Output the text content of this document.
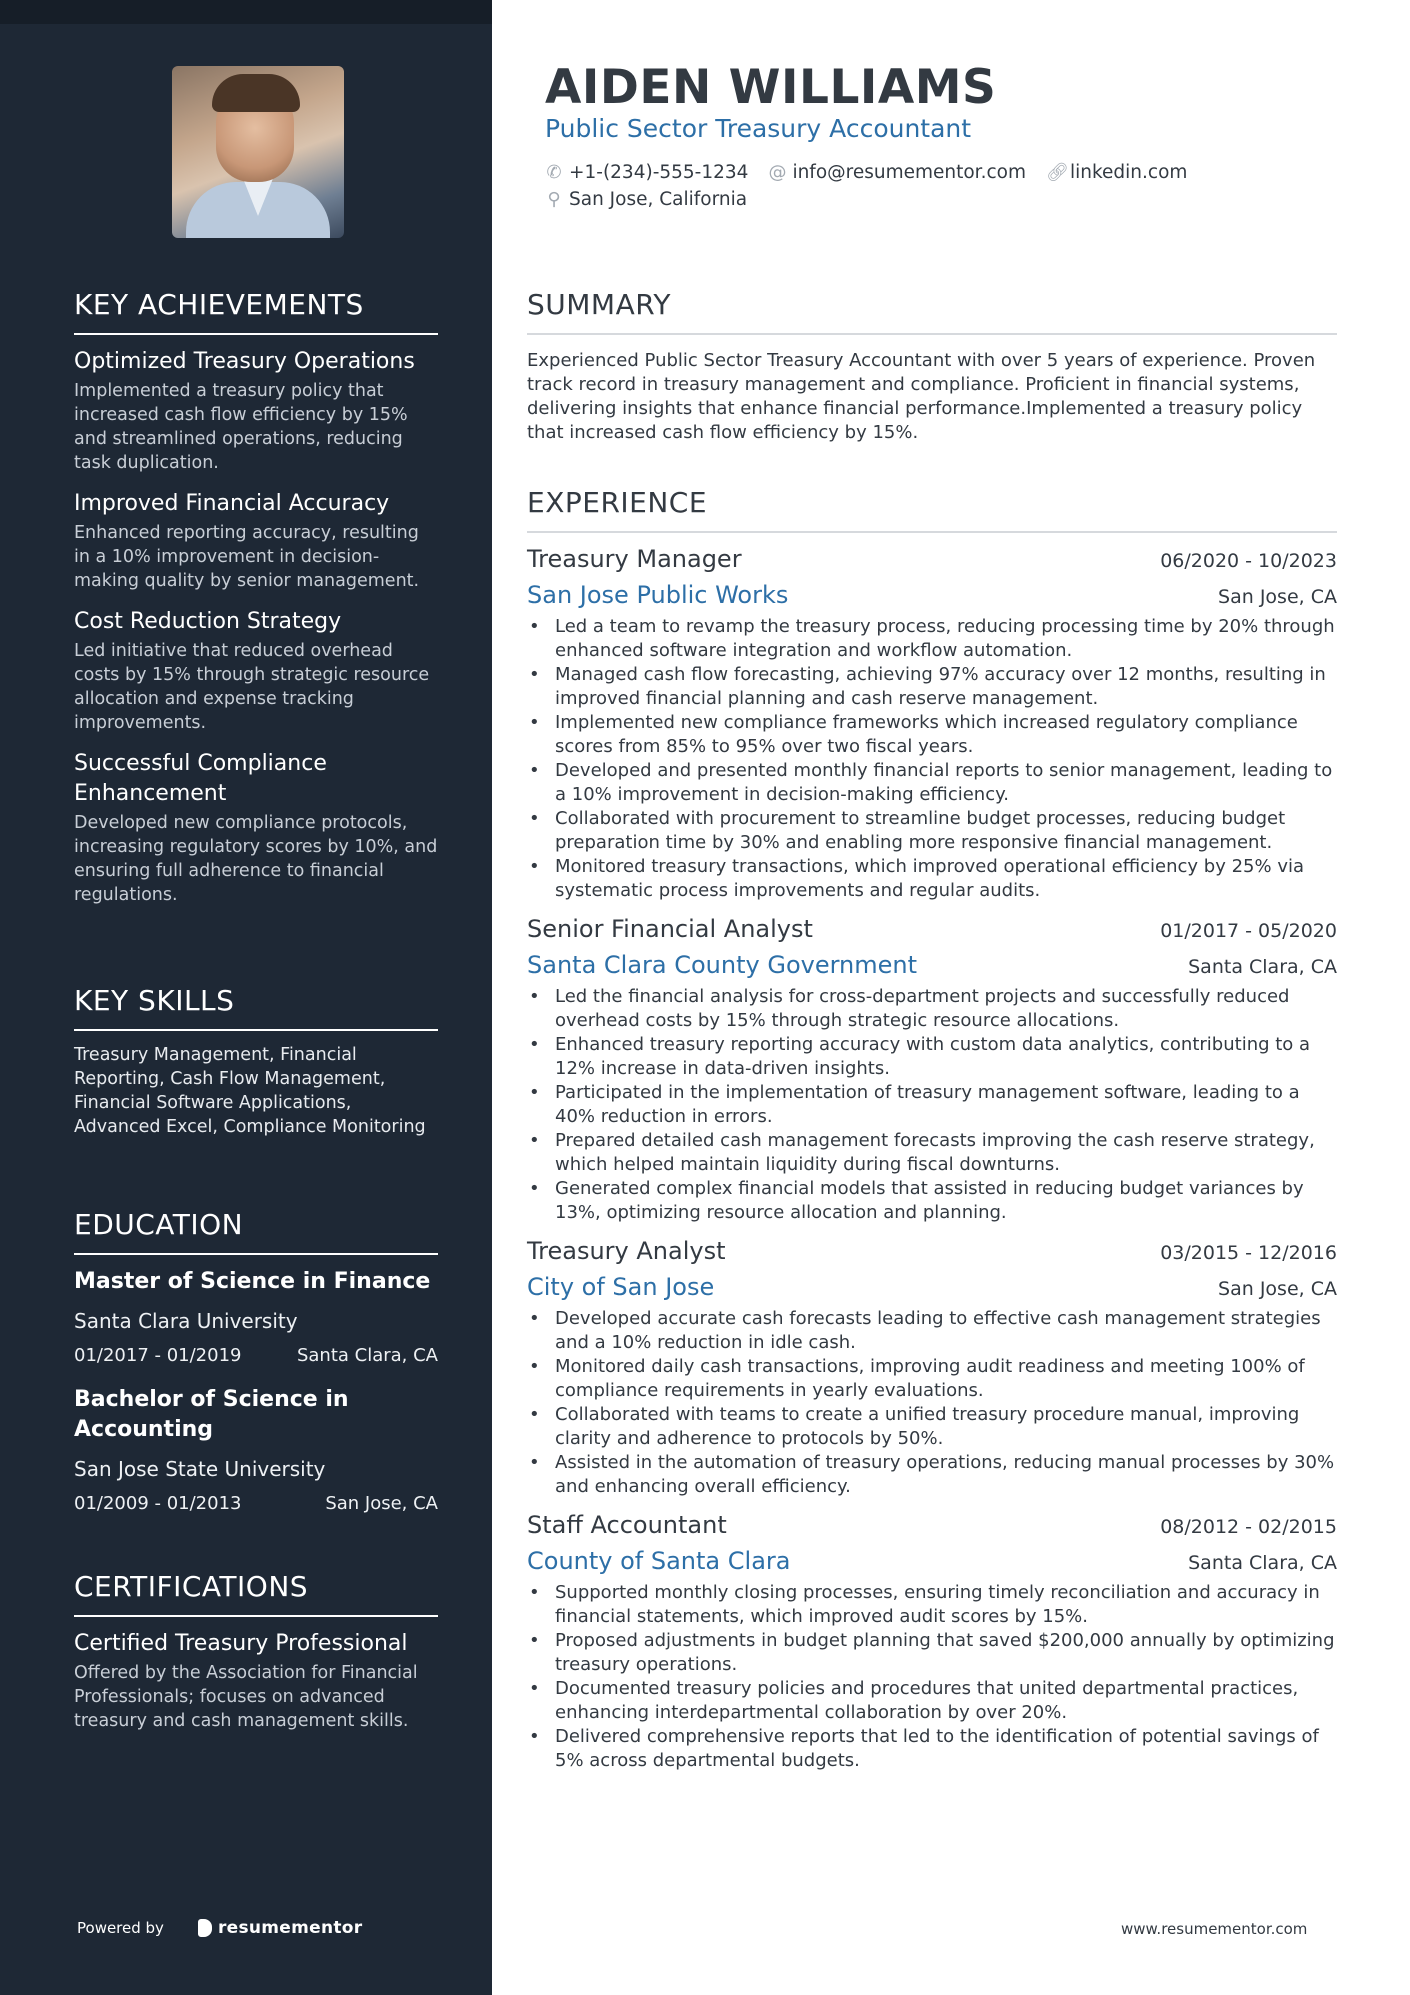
KEY ACHIEVEMENTS

Optimized Treasury Operations

Implemented a treasury policy that increased cash flow efficiency by 15% and streamlined operations, reducing task duplication.

Improved Financial Accuracy

Enhanced reporting accuracy, resulting in a 10% improvement in decision-making quality by senior management.

Cost Reduction Strategy

Led initiative that reduced overhead costs by 15% through strategic resource allocation and expense tracking improvements.

Successful Compliance Enhancement

Developed new compliance protocols, increasing regulatory scores by 10%, and ensuring full adherence to financial regulations.

KEY SKILLS
Treasury Management, Financial Reporting, Cash Flow Management, Financial Software Applications, Advanced Excel, Compliance Monitoring
EDUCATION

Master of Science in Finance

Santa Clara University

01/2017 - 01/2019	Santa Clara, CA

Bachelor of Science in Accounting

San Jose State University

01/2009 - 01/2013	San Jose, CA
CERTIFICATIONS

Certified Treasury Professional

Offered by the Association for Financial Professionals; focuses on advanced treasury and cash management skills.

Powered by	resumementor
AIDEN WILLIAMS

Public Sector Treasury Accountant

✆ +1-(234)-555-1234 @ info@resumementor.com 🔗︎ linkedin.com
⚲ San Jose, California
SUMMARY

Experienced Public Sector Treasury Accountant with over 5 years of experience. Proven track record in treasury management and compliance. Proficient in financial systems, delivering insights that enhance financial performance.Implemented a treasury policy that increased cash flow efficiency by 15%.

EXPERIENCE
Treasury Manager	06/2020 - 10/2023
San Jose Public Works	San Jose, CA
• Led a team to revamp the treasury process, reducing processing time by 20% through enhanced software integration and workflow automation.
• Managed cash flow forecasting, achieving 97% accuracy over 12 months, resulting in improved financial planning and cash reserve management.
• Implemented new compliance frameworks which increased regulatory compliance scores from 85% to 95% over two fiscal years.
• Developed and presented monthly financial reports to senior management, leading to a 10% improvement in decision-making efficiency.
• Collaborated with procurement to streamline budget processes, reducing budget preparation time by 30% and enabling more responsive financial management.
• Monitored treasury transactions, which improved operational efficiency by 25% via systematic process improvements and regular audits.
Senior Financial Analyst	01/2017 - 05/2020
Santa Clara County Government	Santa Clara, CA
• Led the financial analysis for cross-department projects and successfully reduced overhead costs by 15% through strategic resource allocations.
• Enhanced treasury reporting accuracy with custom data analytics, contributing to a 12% increase in data-driven insights.
• Participated in the implementation of treasury management software, leading to a 40% reduction in errors.
• Prepared detailed cash management forecasts improving the cash reserve strategy, which helped maintain liquidity during fiscal downturns.
• Generated complex financial models that assisted in reducing budget variances by 13%, optimizing resource allocation and planning.
Treasury Analyst	03/2015 - 12/2016
City of San Jose	San Jose, CA
• Developed accurate cash forecasts leading to effective cash management strategies and a 10% reduction in idle cash.
• Monitored daily cash transactions, improving audit readiness and meeting 100% of compliance requirements in yearly evaluations.
• Collaborated with teams to create a unified treasury procedure manual, improving clarity and adherence to protocols by 50%.
• Assisted in the automation of treasury operations, reducing manual processes by 30% and enhancing overall efficiency.
Staff Accountant	08/2012 - 02/2015
County of Santa Clara	Santa Clara, CA
• Supported monthly closing processes, ensuring timely reconciliation and accuracy in financial statements, which improved audit scores by 15%.
• Proposed adjustments in budget planning that saved $200,000 annually by optimizing treasury operations.
• Documented treasury policies and procedures that united departmental practices, enhancing interdepartmental collaboration by over 20%.
• Delivered comprehensive reports that led to the identification of potential savings of 5% across departmental budgets.
www.resumementor.com
